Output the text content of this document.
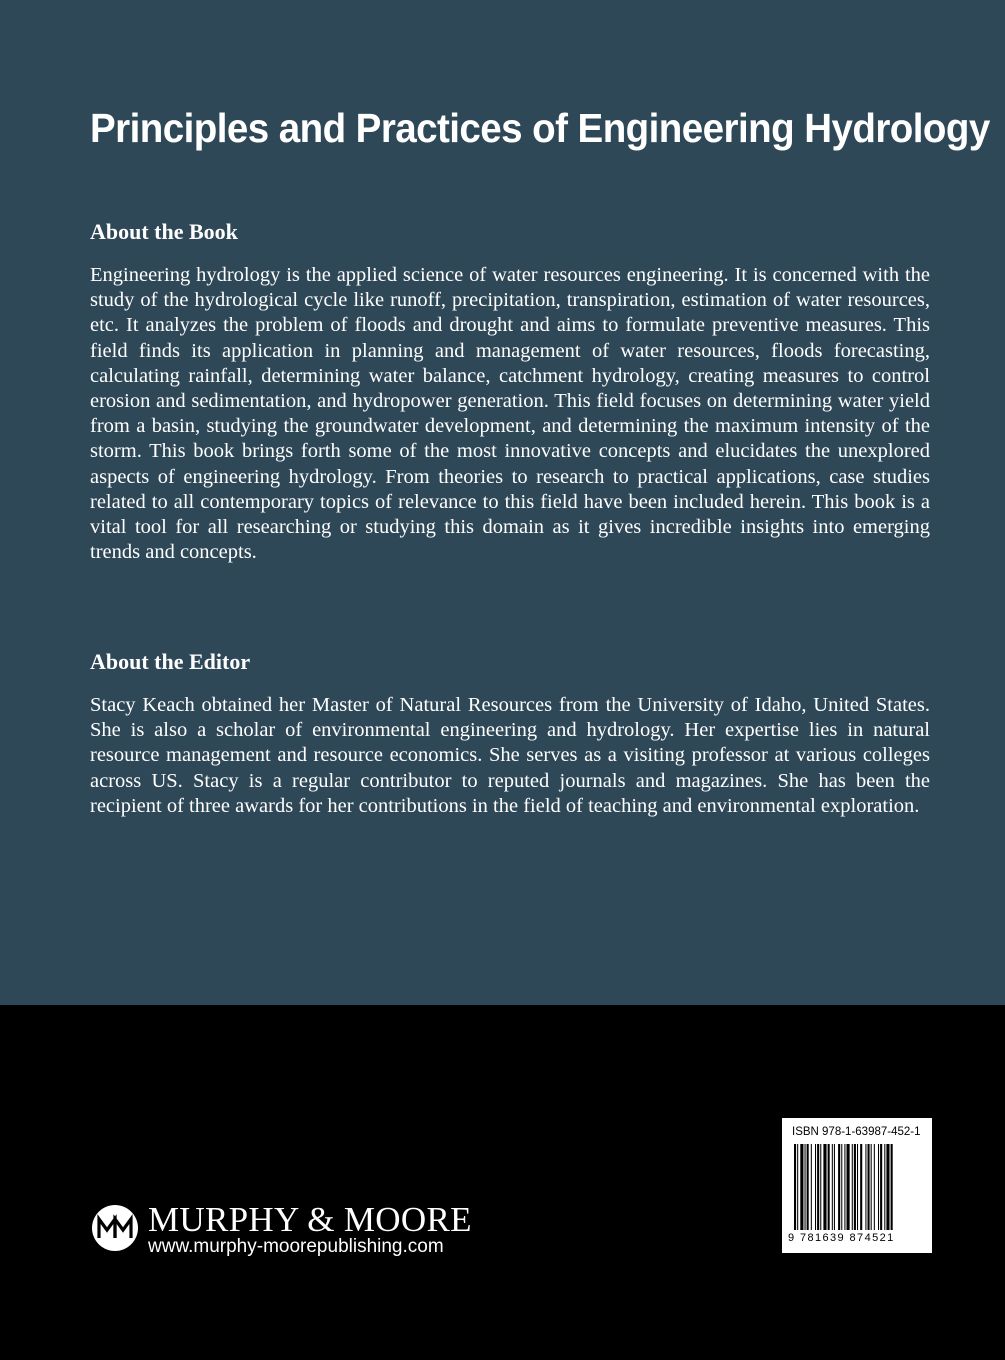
Principles and Practices of Engineering Hydrology
About the Book

Engineering hydrology is the applied science of water resources engineering. It is concerned with the study of the hydrological cycle like runoff, precipitation, transpiration, estimation of water resources, etc. It analyzes the problem of floods and drought and aims to formulate preventive measures. This field finds its application in planning and management of water resources, floods forecasting, calculating rainfall, determining water balance, catchment hydrology, creating measures to control erosion and sedimentation, and hydropower generation. This field focuses on determining water yield from a basin, studying the groundwater development, and determining the maximum intensity of the storm. This book brings forth some of the most innovative concepts and elucidates the unexplored aspects of engineering hydrology. From theories to research to practical applications, case studies related to all contemporary topics of relevance to this field have been included herein. This book is a vital tool for all researching or studying this domain as it gives incredible insights into emerging trends and concepts.

About the Editor

Stacy Keach obtained her Master of Natural Resources from the University of Idaho, United States. She is also a scholar of environmental engineering and hydrology. Her expertise lies in natural resource management and resource economics. She serves as a visiting professor at various colleges across US. Stacy is a regular contributor to reputed journals and magazines. She has been the recipient of three awards for her contributions in the field of teaching and environmental exploration.

MURPHY & MOORE
www.murphy-moorepublishing.com
ISBN 978-1-63987-452-1
9 781639 874521
